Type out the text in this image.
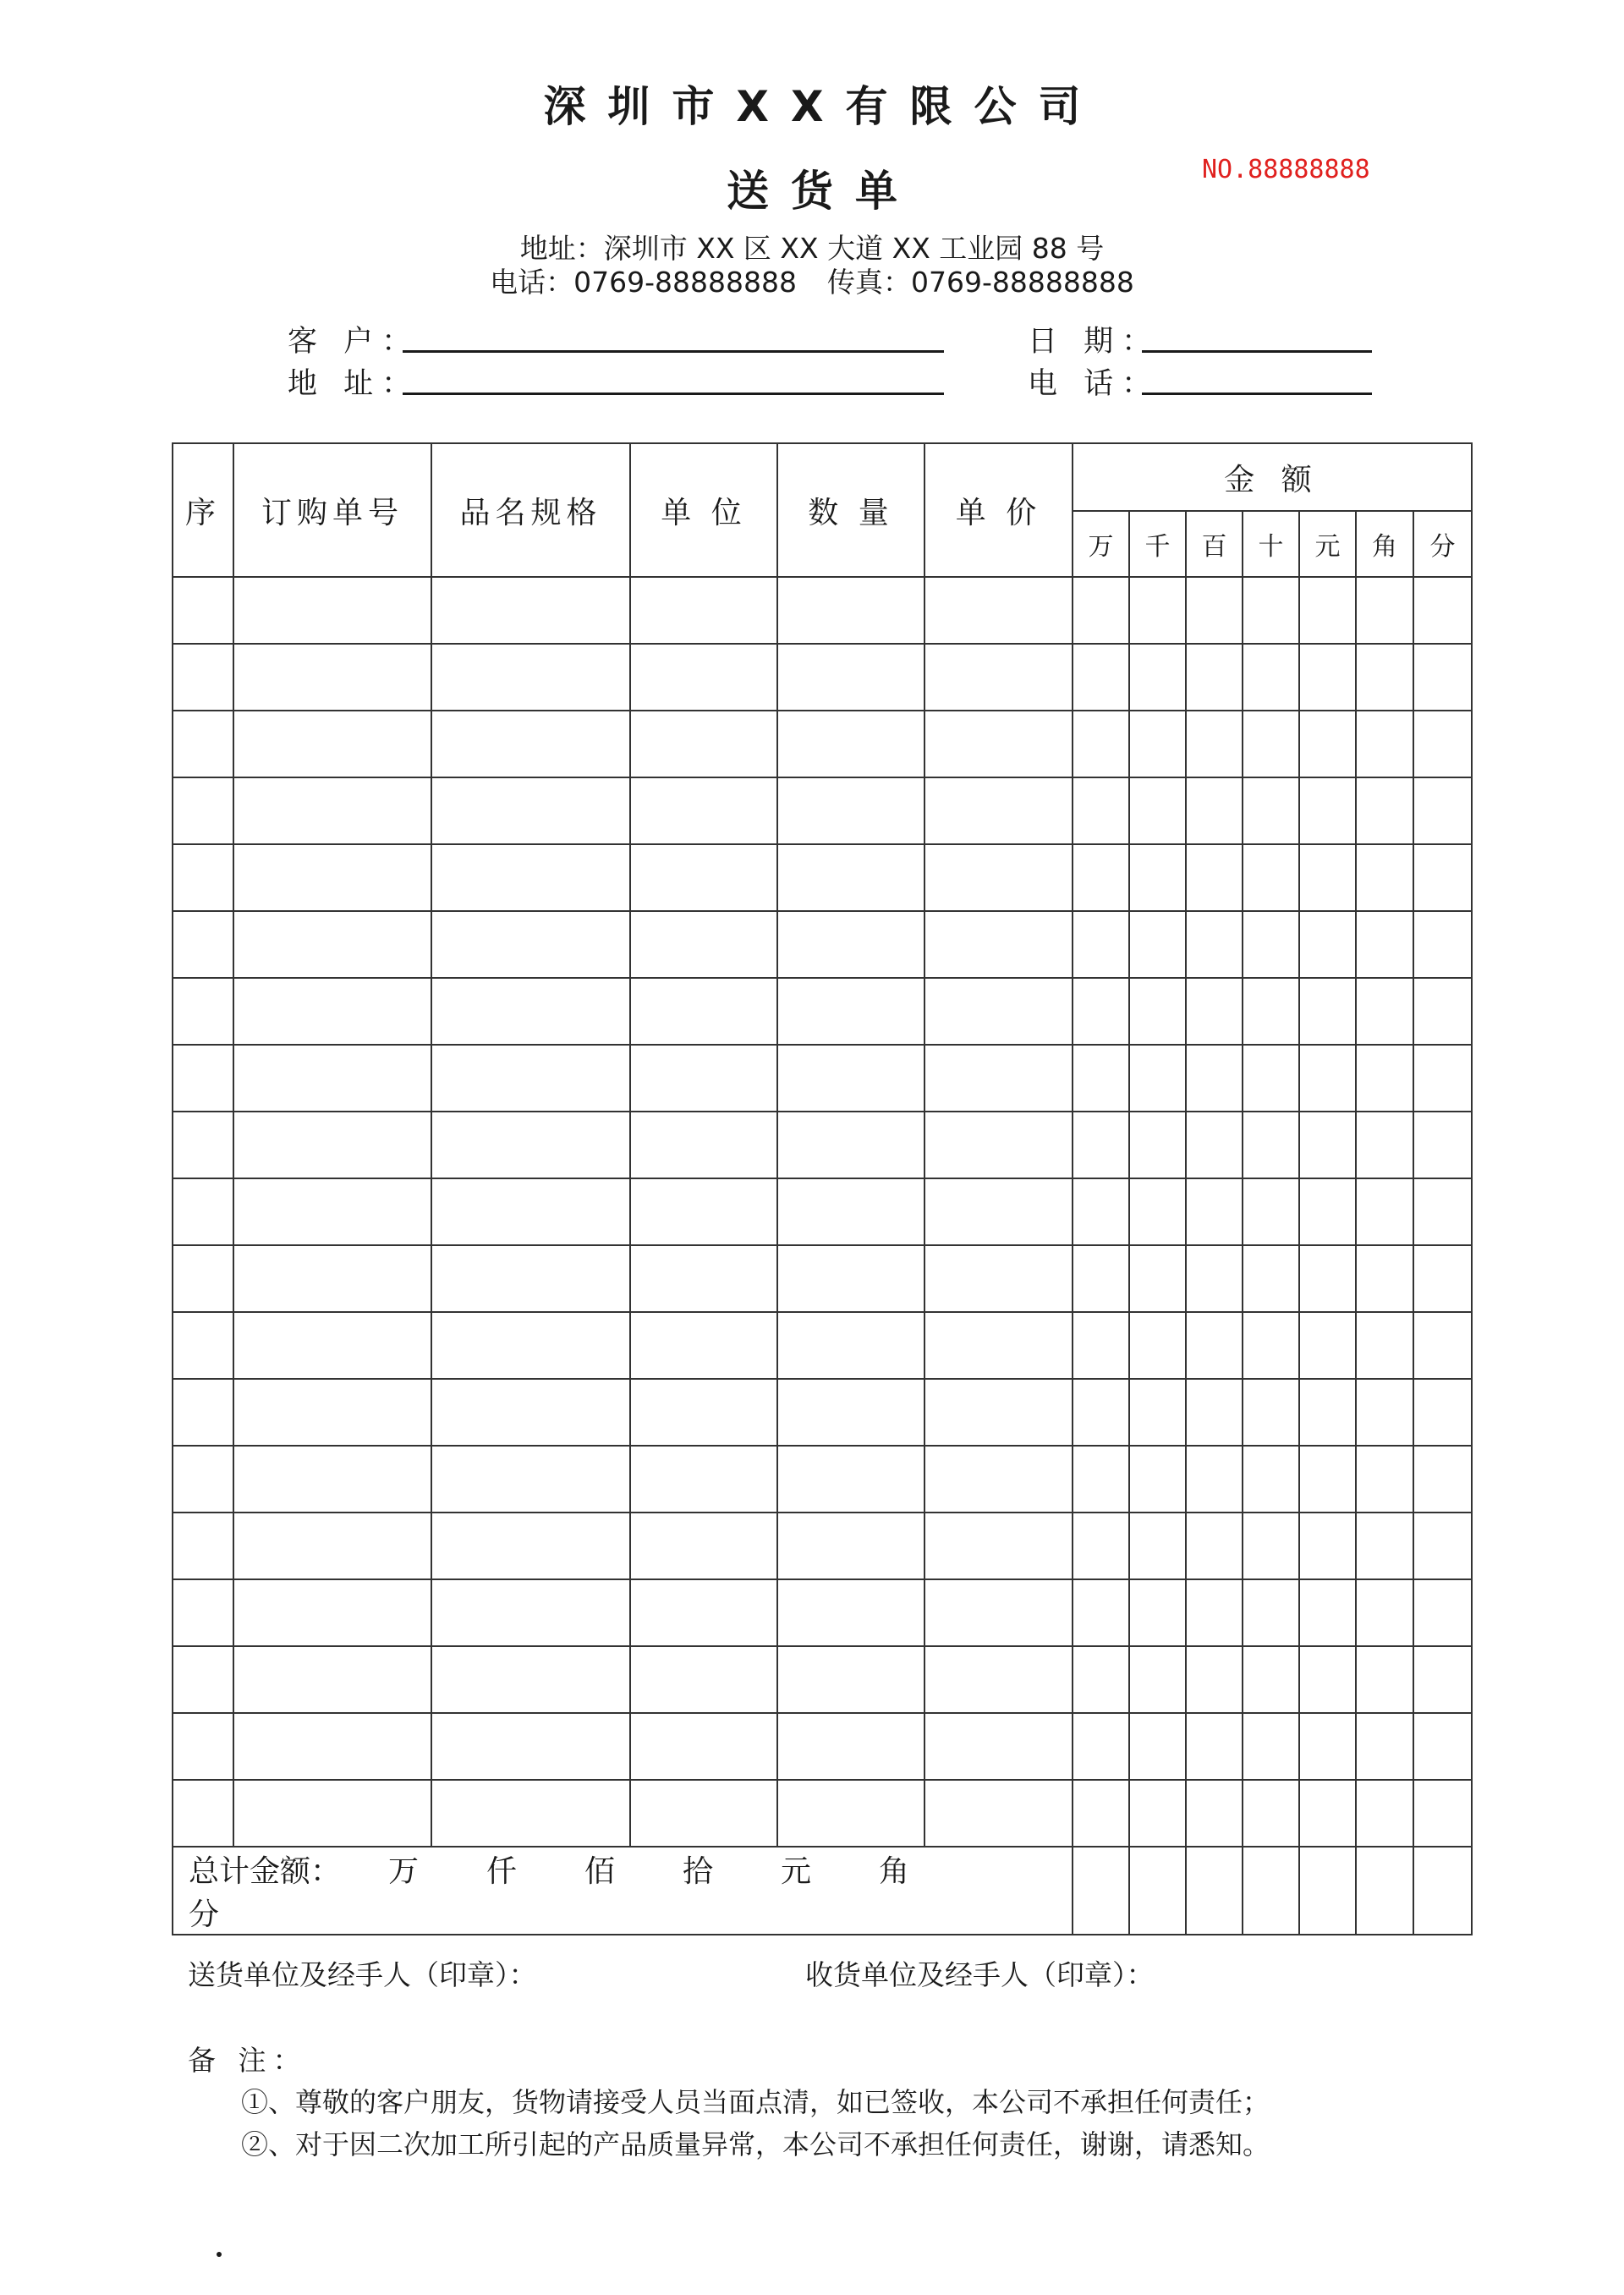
深圳市XX有限公司
送货单	NO.88888888
地址：深圳市 XX 区 XX 大道 XX 工业园 88 号
电话：0769-88888888 传真：0769-88888888
客 户：	日 期：
地 址：	电 话：
序	订购单号	品名规格	单 位	数 量	单 价	金 额						
						万	千	百	十	元	角	分

总计金额： 万 仟 佰 拾 元 角分												
送货单位及经手人（印章）：	收货单位及经手人（印章）：
备 注：
①、尊敬的客户朋友，货物请接受人员当面点清，如已签收，本公司不承担任何责任；
②、对于因二次加工所引起的产品质量异常，本公司不承担任何责任，谢谢，请悉知。
